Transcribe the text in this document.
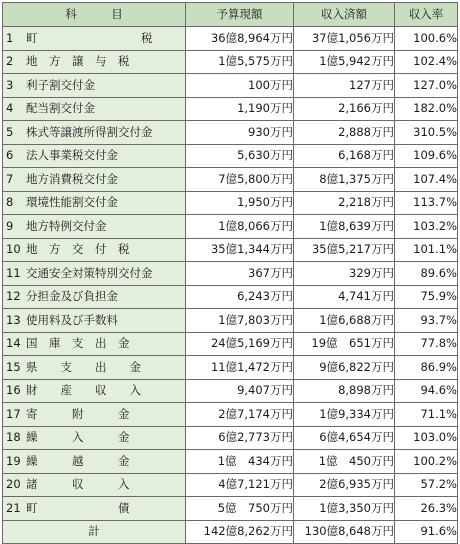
科　　　目	予算現額	収入済額	収入率

1 町　　　　　　　　　税	36億8,964万円	37億1,056万円	100.6%

2 地　方　譲　与　税	1億5,575万円	1億5,942万円	102.4%

3 利子割交付金	100万円	127万円	127.0%

4 配当割交付金	1,190万円	2,166万円	182.0%

5 株式等譲渡所得割交付金	930万円	2,888万円	310.5%

6 法人事業税交付金	5,630万円	6,168万円	109.6%

7 地方消費税交付金	7億5,800万円	8億1,375万円	107.4%

8 環境性能割交付金	1,950万円	2,218万円	113.7%

9 地方特例交付金	1億8,066万円	1億8,639万円	103.2%

10 地　方　交　付　税	35億1,344万円	35億5,217万円	101.1%

11 交通安全対策特別交付金	367万円	329万円	89.6%

12 分担金及び負担金	6,243万円	4,741万円	75.9%

13 使用料及び手数料	1億7,803万円	1億6,688万円	93.7%

14 国　庫　支　出　金	24億5,169万円	19億　651万円	77.8%

15 県　　支　　出　　金	11億1,472万円	9億6,822万円	86.9%

16 財　　産　　収　　入	9,407万円	8,898万円	94.6%

17 寄　　　附　　　金	2億7,174万円	1億9,334万円	71.1%

18 繰　　　入　　　金	6億2,773万円	6億4,654万円	103.0%

19 繰　　　越　　　金	1億　434万円	1億　450万円	100.2%

20 諸　　　収　　　入	4億7,121万円	2億6,935万円	57.2%

21 町　　　　　　　債	5億　750万円	1億3,350万円	26.3%
計	142億8,262万円	130億8,648万円	91.6%
